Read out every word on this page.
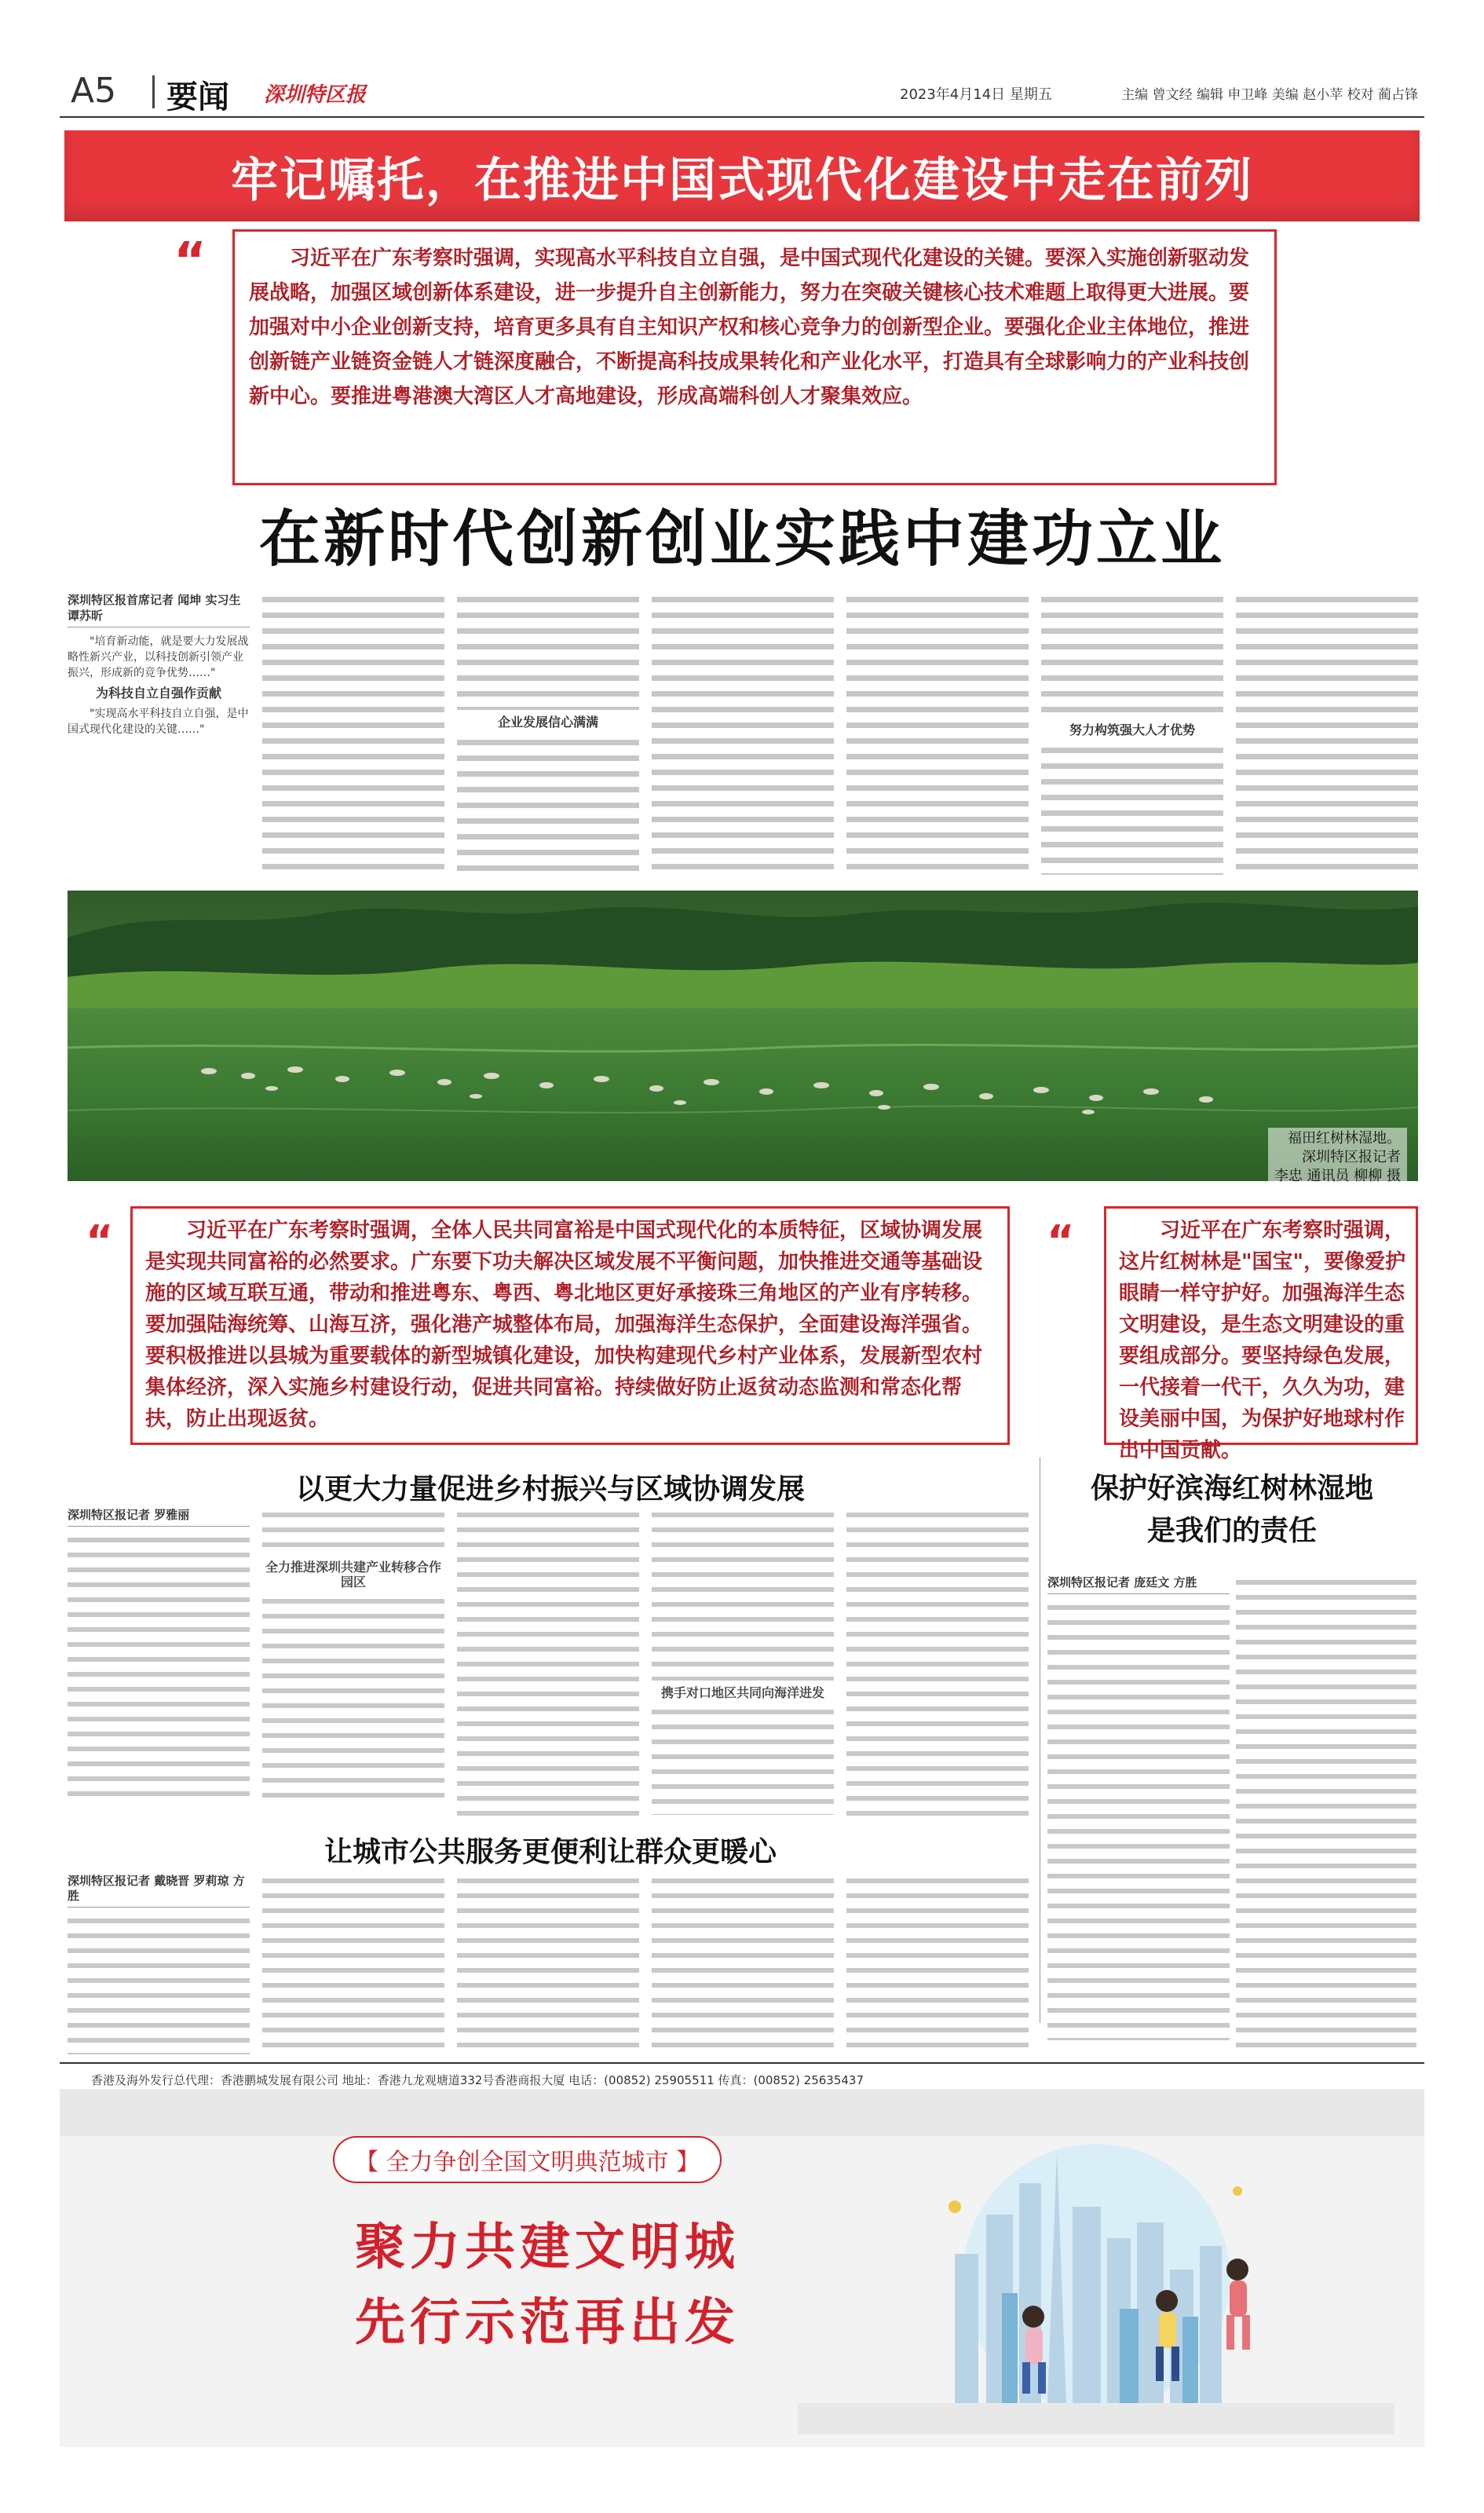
A5 要闻 深圳特区报	2023年4月14日 星期五	主编 曾文经 编辑 申卫峰 美编 赵小苹 校对 蔺占锋
牢记嘱托，在推进中国式现代化建设中走在前列
“	习近平在广东考察时强调，实现高水平科技自立自强，是中国式现代化建设的关键。要深入实施创新驱动发展战略，加强区域创新体系建设，进一步提升自主创新能力，努力在突破关键核心技术难题上取得更大进展。要加强对中小企业创新支持，培育更多具有自主知识产权和核心竞争力的创新型企业。要强化企业主体地位，推进创新链产业链资金链人才链深度融合，不断提高科技成果转化和产业化水平，打造具有全球影响力的产业科技创新中心。要推进粤港澳大湾区人才高地建设，形成高端科创人才聚集效应。
在新时代创新创业实践中建功立业

深圳特区报首席记者 闻坤 实习生 谭苏昕

"培育新动能，就是要大力发展战略性新兴产业，以科技创新引领产业振兴，形成新的竞争优势……"

为科技自立自强作贡献

"实现高水平科技自立自强，是中国式现代化建设的关键……"	企业发展信心满满

努力构筑强大人才优势

福田红树林湿地。
深圳特区报记者
李忠 通讯员 柳柳 摄
“	习近平在广东考察时强调，全体人民共同富裕是中国式现代化的本质特征，区域协调发展是实现共同富裕的必然要求。广东要下功夫解决区域发展不平衡问题，加快推进交通等基础设施的区域互联互通，带动和推进粤东、粤西、粤北地区更好承接珠三角地区的产业有序转移。要加强陆海统筹、山海互济，强化港产城整体布局，加强海洋生态保护，全面建设海洋强省。要积极推进以县城为重要载体的新型城镇化建设，加快构建现代乡村产业体系，发展新型农村集体经济，深入实施乡村建设行动，促进共同富裕。持续做好防止返贫动态监测和常态化帮扶，防止出现返贫。
“	习近平在广东考察时强调，这片红树林是"国宝"，要像爱护眼睛一样守护好。加强海洋生态文明建设，是生态文明建设的重要组成部分。要坚持绿色发展，一代接着一代干，久久为功，建设美丽中国，为保护好地球村作出中国贡献。
以更大力量促进乡村振兴与区域协调发展	保护好滨海红树林湿地
是我们的责任

深圳特区报记者 罗雅丽

全力推进深圳共建产业转移合作园区

携手对口地区共同向海洋进发

深圳特区报记者 庞廷文 方胜

让城市公共服务更便利让群众更暖心

深圳特区报记者 戴晓晋 罗莉琼 方胜

香港及海外发行总代理：香港鹏城发展有限公司 地址：香港九龙观塘道332号香港商报大厦 电话：(00852) 25905511 传真：(00852) 25635437
【 全力争创全国文明典范城市 】
聚力共建文明城
先行示范再出发
